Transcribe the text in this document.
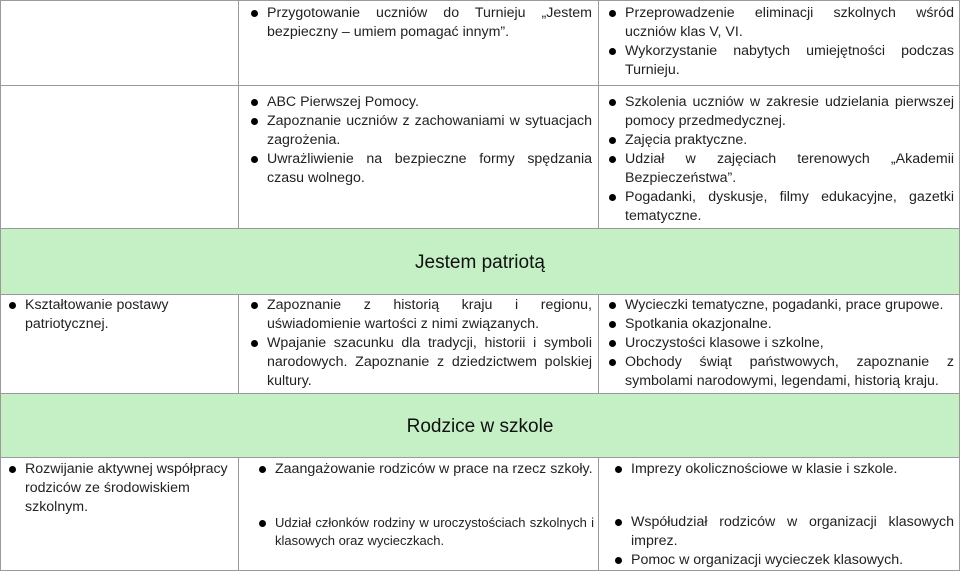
Jestem patriotą
Rodzice w szkole
Przygotowanie uczniów do Turnieju „Jestem bezpieczny – umiem pomagać innym”.
Przeprowadzenie eliminacji szkolnych wśród uczniów klas V, VI.
Wykorzystanie nabytych umiejętności podczas Turnieju.
ABC Pierwszej Pomocy.
Zapoznanie uczniów z zachowaniami w sytuacjach zagrożenia.
Uwrażliwienie na bezpieczne formy spędzania czasu wolnego.
Szkolenia uczniów w zakresie udzielania pierwszej pomocy przedmedycznej.
Zajęcia praktyczne.
Udział w zajęciach terenowych „Akademii Bezpieczeństwa”.
Pogadanki, dyskusje, filmy edukacyjne, gazetki tematyczne.
Kształtowanie postawy patriotycznej.
Zapoznanie z historią kraju i regionu, uświadomienie wartości z nimi związanych.
Wpajanie szacunku dla tradycji, historii i symboli narodowych. Zapoznanie z dziedzictwem polskiej kultury.
Wycieczki tematyczne, pogadanki, prace grupowe.
Spotkania okazjonalne.
Uroczystości klasowe i szkolne,
Obchody świąt państwowych, zapoznanie z symbolami narodowymi, legendami, historią kraju.
Rozwijanie aktywnej współpracy rodziców ze środowiskiem szkolnym.
Zaangażowanie rodziców w prace na rzecz szkoły.
Udział członków rodziny w uroczystościach szkolnych i klasowych oraz wycieczkach.
Imprezy okolicznościowe w klasie i szkole.
Współudział rodziców w organizacji klasowych imprez.
Pomoc w organizacji wycieczek klasowych.
